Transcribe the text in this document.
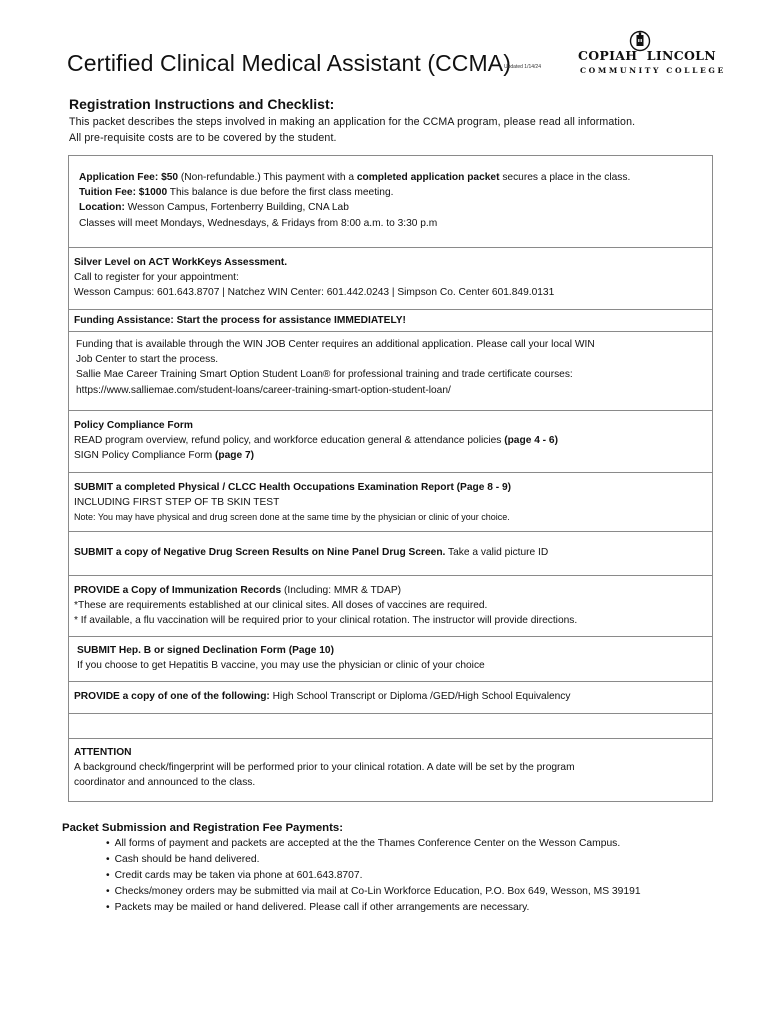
Certified Clinical Medical Assistant (CCMA)
Updated 1/14/24
COPIAH LINCOLN
COMMUNITY COLLEGE
Registration Instructions and Checklist:
This packet describes the steps involved in making an application for the CCMA program, please read all information.
All pre-requisite costs are to be covered by the student.
Application Fee: $50 (Non-refundable.) This payment with a completed application packet secures a place in the class.
Tuition Fee: $1000 This balance is due before the first class meeting.
Location: Wesson Campus, Fortenberry Building, CNA Lab
Classes will meet Mondays, Wednesdays, & Fridays from 8:00 a.m. to 3:30 p.m
Silver Level on ACT WorkKeys Assessment.
Call to register for your appointment:
Wesson Campus: 601.643.8707 | Natchez WIN Center: 601.442.0243 | Simpson Co. Center 601.849.0131
Funding Assistance: Start the process for assistance IMMEDIATELY!
Funding that is available through the WIN JOB Center requires an additional application. Please call your local WIN
Job Center to start the process.
Sallie Mae Career Training Smart Option Student Loan® for professional training and trade certificate courses:
https://www.salliemae.com/student-loans/career-training-smart-option-student-loan/
Policy Compliance Form
READ program overview, refund policy, and workforce education general & attendance policies (page 4 - 6)
SIGN Policy Compliance Form (page 7)
SUBMIT a completed Physical / CLCC Health Occupations Examination Report (Page 8 - 9)
INCLUDING FIRST STEP OF TB SKIN TEST
Note: You may have physical and drug screen done at the same time by the physician or clinic of your choice.
SUBMIT a copy of Negative Drug Screen Results on Nine Panel Drug Screen. Take a valid picture ID
PROVIDE a Copy of Immunization Records (Including: MMR & TDAP)
*These are requirements established at our clinical sites. All doses of vaccines are required.
* If available, a flu vaccination will be required prior to your clinical rotation. The instructor will provide directions.
SUBMIT Hep. B or signed Declination Form (Page 10)
If you choose to get Hepatitis B vaccine, you may use the physician or clinic of your choice
PROVIDE a copy of one of the following: High School Transcript or Diploma /GED/High School Equivalency
ATTENTION
A background check/fingerprint will be performed prior to your clinical rotation. A date will be set by the program
coordinator and announced to the class.
Packet Submission and Registration Fee Payments:
• All forms of payment and packets are accepted at the the Thames Conference Center on the Wesson Campus.
• Cash should be hand delivered.
• Credit cards may be taken via phone at 601.643.8707.
• Checks/money orders may be submitted via mail at Co-Lin Workforce Education, P.O. Box 649, Wesson, MS 39191
• Packets may be mailed or hand delivered. Please call if other arrangements are necessary.
